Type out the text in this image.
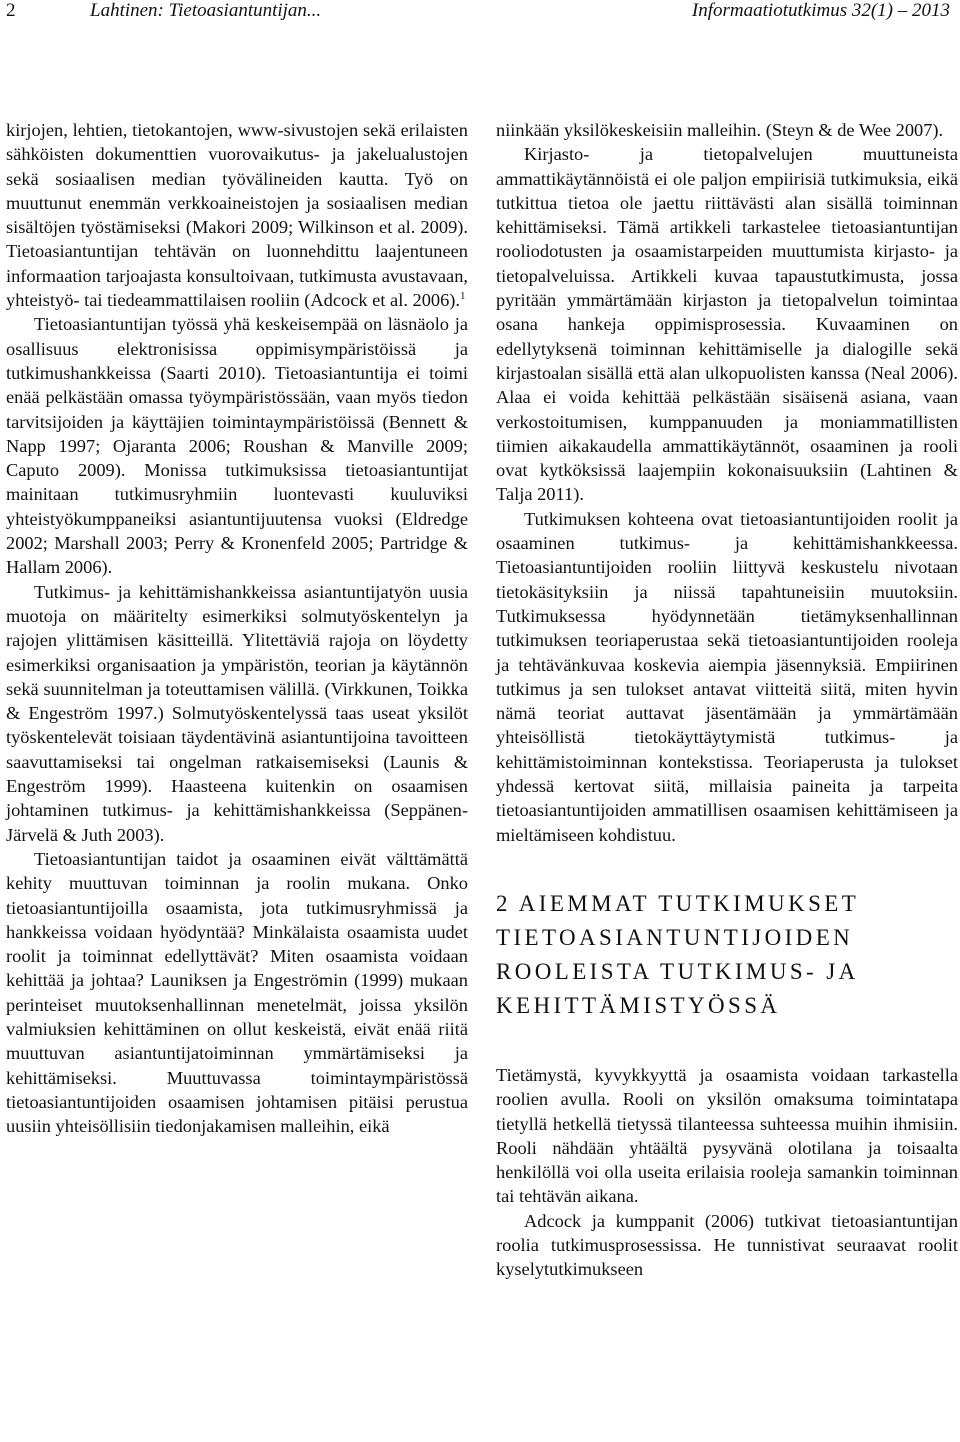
2	Lahtinen: Tietoasiantuntijan...	Informaatiotutkimus 32(1) – 2013

kirjojen, lehtien, tietokantojen, www-sivustojen sekä erilaisten sähköisten dokumenttien vuorovaikutus- ja jakelualustojen sekä sosiaalisen median työvälineiden kautta. Työ on muuttunut enemmän verkkoaineistojen ja sosiaalisen median sisältöjen työstämiseksi (Makori 2009; Wilkinson et al. 2009). Tietoasiantuntijan tehtävän on luonnehdittu laajentuneen informaation tarjoajasta konsultoivaan, tutkimusta avustavaan, yhteistyö- tai tiedeammattilaisen rooliin (Adcock et al. 2006).$^1$

Tietoasiantuntijan työssä yhä keskeisempää on läsnäolo ja osallisuus elektronisissa oppimisympäristöissä ja tutkimushankkeissa (Saarti 2010). Tietoasiantuntija ei toimi enää pelkästään omassa työympäristössään, vaan myös tiedon tarvitsijoiden ja käyttäjien toimintaympäristöissä (Bennett & Napp 1997; Ojaranta 2006; Roushan & Manville 2009; Caputo 2009). Monissa tutkimuksissa tietoasiantuntijat mainitaan tutkimusryhmiin luontevasti kuuluviksi yhteistyökumppaneiksi asiantuntijuutensa vuoksi (Eldredge 2002; Marshall 2003; Perry & Kronenfeld 2005; Partridge & Hallam 2006).

Tutkimus- ja kehittämishankkeissa asiantuntijatyön uusia muotoja on määritelty esimerkiksi solmutyöskentelyn ja rajojen ylittämisen käsitteillä. Ylitettäviä rajoja on löydetty esimerkiksi organisaation ja ympäristön, teorian ja käytännön sekä suunnitelman ja toteuttamisen välillä. (Virkkunen, Toikka & Engeström 1997.) Solmutyöskentelyssä taas useat yksilöt työskentelevät toisiaan täydentävinä asiantuntijoina tavoitteen saavuttamiseksi tai ongelman ratkaisemiseksi (Launis & Engeström 1999). Haasteena kuitenkin on osaamisen johtaminen tutkimus- ja kehittämishankkeissa (Seppänen-Järvelä & Juth 2003).

Tietoasiantuntijan taidot ja osaaminen eivät välttämättä kehity muuttuvan toiminnan ja roolin mukana. Onko tietoasiantuntijoilla osaamista, jota tutkimusryhmissä ja hankkeissa voidaan hyödyntää? Minkälaista osaamista uudet roolit ja toiminnat edellyttävät? Miten osaamista voidaan kehittää ja johtaa? Launiksen ja Engeströmin (1999) mukaan perinteiset muutoksenhallinnan menetelmät, joissa yksilön valmiuksien kehittäminen on ollut keskeistä, eivät enää riitä muuttuvan asiantuntijatoiminnan ymmärtämiseksi ja kehittämiseksi. Muuttuvassa toimintaympäristössä tietoasiantuntijoiden osaamisen johtamisen pitäisi perustua uusiin yhteisöllisiin tiedonjakamisen malleihin, eikä

niinkään yksilökeskeisiin malleihin. (Steyn & de Wee 2007).

Kirjasto- ja tietopalvelujen muuttuneista ammattikäytännöistä ei ole paljon empiirisiä tutkimuksia, eikä tutkittua tietoa ole jaettu riittävästi alan sisällä toiminnan kehittämiseksi. Tämä artikkeli tarkastelee tietoasiantuntijan rooliodotusten ja osaamistarpeiden muuttumista kirjasto- ja tietopalveluissa. Artikkeli kuvaa tapaustutkimusta, jossa pyritään ymmärtämään kirjaston ja tietopalvelun toimintaa osana hankeja oppimisprosessia. Kuvaaminen on edellytyksenä toiminnan kehittämiselle ja dialogille sekä kirjastoalan sisällä että alan ulkopuolisten kanssa (Neal 2006). Alaa ei voida kehittää pelkästään sisäisenä asiana, vaan verkostoitumisen, kumppanuuden ja moniammatillisten tiimien aikakaudella ammattikäytännöt, osaaminen ja rooli ovat kytköksissä laajempiin kokonaisuuksiin (Lahtinen & Talja 2011).

Tutkimuksen kohteena ovat tietoasiantuntijoiden roolit ja osaaminen tutkimus- ja kehittämishankkeessa. Tietoasiantuntijoiden rooliin liittyvä keskustelu nivotaan tietokäsityksiin ja niissä tapahtuneisiin muutoksiin. Tutkimuksessa hyödynnetään tietämyksenhallinnan tutkimuksen teoriaperustaa sekä tietoasiantuntijoiden rooleja ja tehtävänkuvaa koskevia aiempia jäsennyksiä. Empiirinen tutkimus ja sen tulokset antavat viitteitä siitä, miten hyvin nämä teoriat auttavat jäsentämään ja ymmärtämään yhteisöllistä tietokäyttäytymistä tutkimus- ja kehittämistoiminnan kontekstissa. Teoriaperusta ja tulokset yhdessä kertovat siitä, millaisia paineita ja tarpeita tietoasiantuntijoiden ammatillisen osaamisen kehittämiseen ja mieltämiseen kohdistuu.

2 AIEMMAT TUTKIMUKSET TIETOASIANTUNTIJOIDEN ROOLEISTA TUTKIMUS- JA KEHITTÄMISTYÖSSÄ

Tietämystä, kyvykkyyttä ja osaamista voidaan tarkastella roolien avulla. Rooli on yksilön omaksuma toimintatapa tietyllä hetkellä tietyssä tilanteessa suhteessa muihin ihmisiin. Rooli nähdään yhtäältä pysyvänä olotilana ja toisaalta henkilöllä voi olla useita erilaisia rooleja samankin toiminnan tai tehtävän aikana.

Adcock ja kumppanit (2006) tutkivat tietoasiantuntijan roolia tutkimusprosessissa. He tunnistivat seuraavat roolit kyselytutkimukseen
